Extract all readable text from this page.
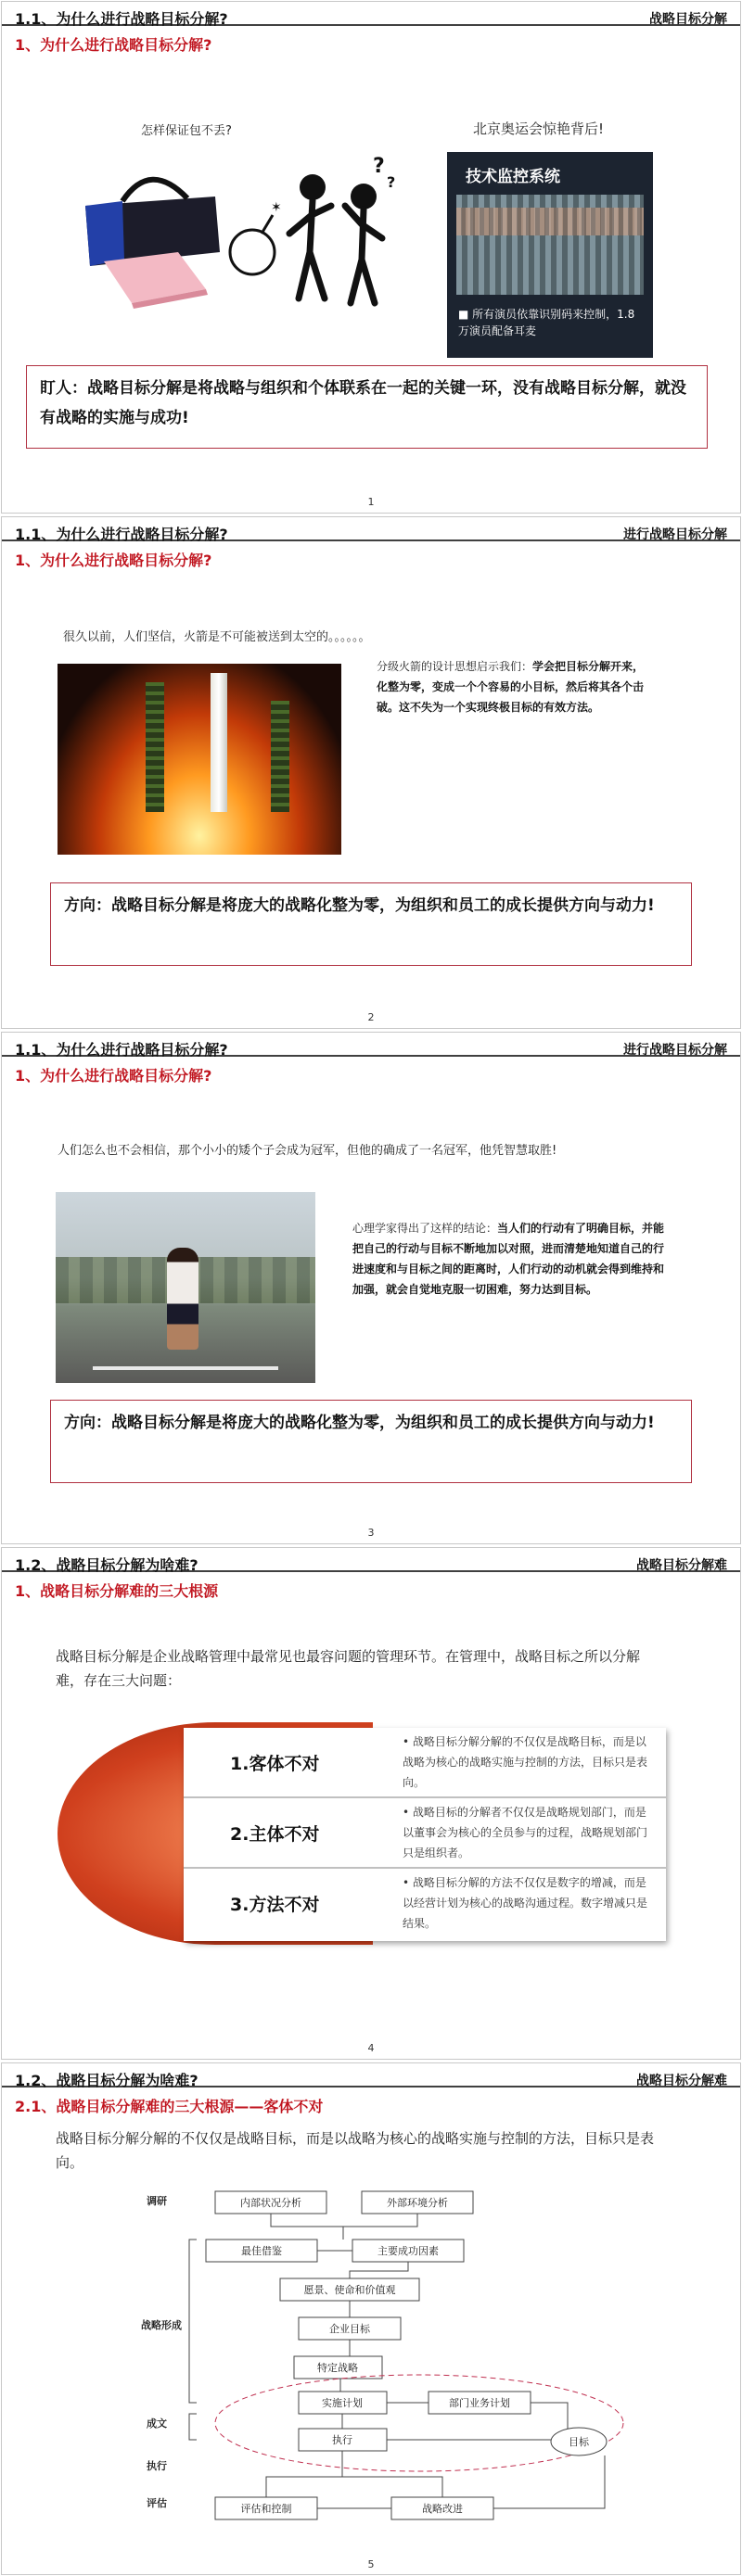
1.1、为什么进行战略目标分解?	战略目标分解
1、为什么进行战略目标分解?
怎样保证包不丢?	北京奥运会惊艳背后!
✶
?
?	技术监控系统
■ 所有演员依靠识别码来控制，1.8万演员配备耳麦
盯人：战略目标分解是将战略与组织和个体联系在一起的关键一环，没有战略目标分解，就没有战略的实施与成功!
1
1.1、为什么进行战略目标分解?	进行战略目标分解
1、为什么进行战略目标分解?
很久以前，人们坚信，火箭是不可能被送到太空的。。。。。。
分级火箭的设计思想启示我们：学会把目标分解开来，化整为零，变成一个个容易的小目标，然后将其各个击破。这不失为一个实现终极目标的有效方法。
方向：战略目标分解是将庞大的战略化整为零，为组织和员工的成长提供方向与动力!
2
1.1、为什么进行战略目标分解?	进行战略目标分解
1、为什么进行战略目标分解?
人们怎么也不会相信，那个小小的矮个子会成为冠军，但他的确成了一名冠军，他凭智慧取胜!
心理学家得出了这样的结论：当人们的行动有了明确目标，并能把自己的行动与目标不断地加以对照，进而清楚地知道自己的行进速度和与目标之间的距离时，人们行动的动机就会得到维持和加强，就会自觉地克服一切困难，努力达到目标。
方向：战略目标分解是将庞大的战略化整为零，为组织和员工的成长提供方向与动力!
3
1.2、战略目标分解为啥难?	战略目标分解难
1、战略目标分解难的三大根源
战略目标分解是企业战略管理中最常见也最容问题的管理环节。在管理中，战略目标之所以分解难，存在三大问题：
1.客体不对
• 战略目标分解分解的不仅仅是战略目标，而是以战略为核心的战略实施与控制的方法，目标只是表向。
2.主体不对
• 战略目标的分解者不仅仅是战略规划部门，而是以董事会为核心的全员参与的过程，战略规划部门只是组织者。
3.方法不对
• 战略目标分解的方法不仅仅是数字的增减，而是以经营计划为核心的战略沟通过程。数字增减只是结果。
4
1.2、战略目标分解为啥难?	战略目标分解难
2.1、战略目标分解难的三大根源——客体不对
战略目标分解分解的不仅仅是战略目标，而是以战略为核心的战略实施与控制的方法，目标只是表向。
调研
战略形成
成文
执行
评估
内部状况分析	外部环境分析
最佳借鉴	主要成功因素
愿景、使命和价值观
企业目标
特定战略
实施计划	部门业务计划
执行
评估和控制	战略改进
目标
5
